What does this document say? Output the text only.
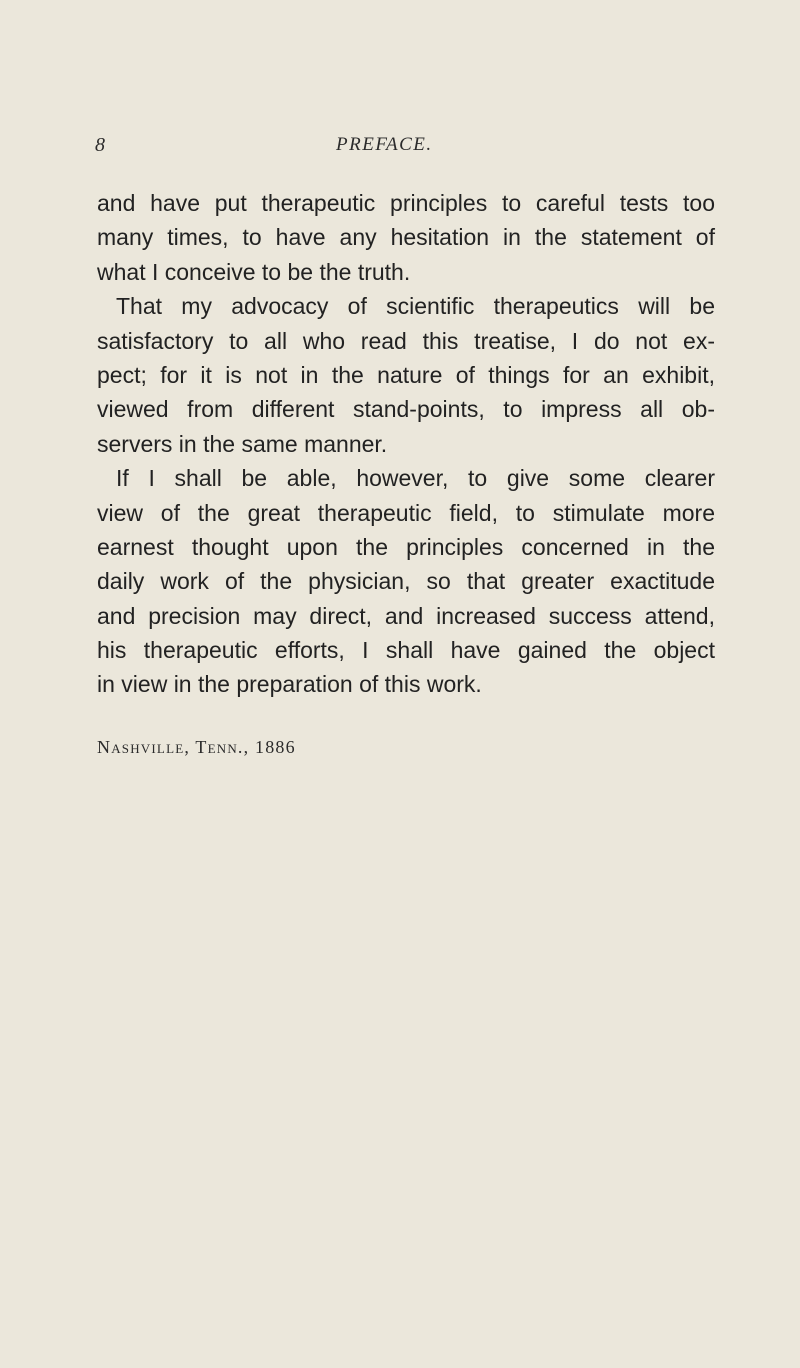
8	PREFACE.
and have put therapeutic principles to careful tests too
many times, to have any hesitation in the statement of
what I conceive to be the truth.
That my advocacy of scientific therapeutics will be
satisfactory to all who read this treatise, I do not ex-
pect; for it is not in the nature of things for an exhibit,
viewed from different stand-points, to impress all ob-
servers in the same manner.
If I shall be able, however, to give some clearer
view of the great therapeutic field, to stimulate more
earnest thought upon the principles concerned in the
daily work of the physician, so that greater exactitude
and precision may direct, and increased success attend,
his therapeutic efforts, I shall have gained the object
in view in the preparation of this work.
Nashville, Tenn., 1886
